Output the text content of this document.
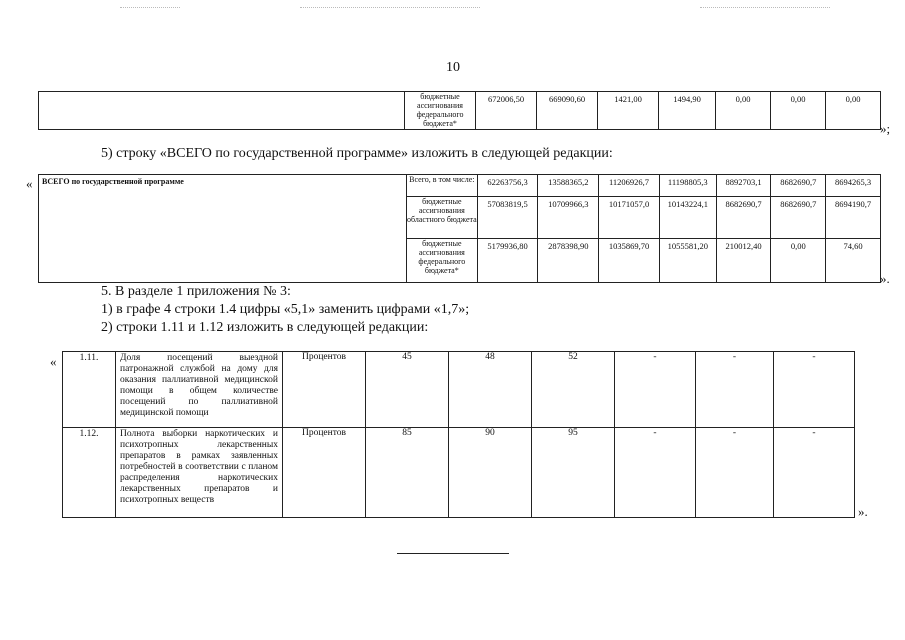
10
	бюджетные ассигнования федерального бюджета*	672006,50	669090,60	1421,00	1494,90	0,00	0,00	0,00
»;
5) строку «ВСЕГО по государственной программе» изложить в следующей редакции:
« ВСЕГО по государственной программе	Всего, в том числе:	62263756,3	13588365,2	11206926,7	11198805,3	8892703,1	8682690,7	8694265,3
	бюджетные ассигнования областного бюджета	57083819,5	10709966,3	10171057,0	10143224,1	8682690,7	8682690,7	8694190,7
	бюджетные ассигнования федерального бюджета*	5179936,80	2878398,90	1035869,70	1055581,20	210012,40	0,00	74,60
».
5. В разделе 1 приложения № 3:
1) в графе 4 строки 1.4 цифры «5,1» заменить цифрами «1,7»;
2) строки 1.11 и 1.12 изложить в следующей редакции:
« 1.11.	Доля посещений выездной патронажной службой на дому для оказания паллиативной медицинской помощи в общем количестве посещений по паллиативной медицинской помощи	Процентов	45	48	52	-	-	-
1.12.	Полнота выборки наркотических и психотропных лекарственных препаратов в рамках заявленных потребностей в соответствии с планом распределения наркотических лекарственных препаратов и психотропных веществ	Процентов	85	90	95	-	-	-
».
